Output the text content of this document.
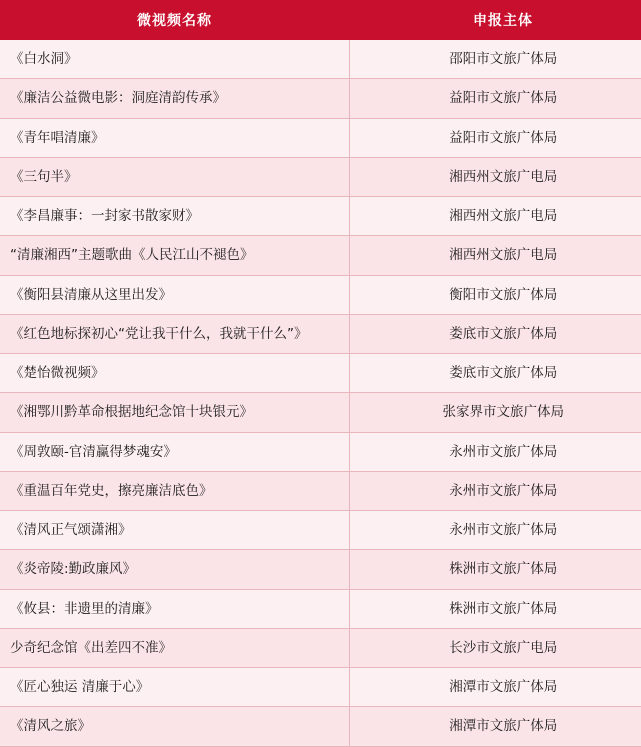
微视频名称	申报主体
《白水洞》	邵阳市文旅广体局
《廉洁公益微电影：洞庭清韵传承》	益阳市文旅广体局
《青年唱清廉》	益阳市文旅广体局
《三句半》	湘西州文旅广电局
《李昌廉事：一封家书散家财》	湘西州文旅广电局
“清廉湘西”主题歌曲《人民江山不褪色》	湘西州文旅广电局
《衡阳县清廉从这里出发》	衡阳市文旅广体局
《红色地标探初心“党让我干什么，我就干什么”》	娄底市文旅广体局
《楚怡微视频》	娄底市文旅广体局
《湘鄂川黔革命根据地纪念馆十块银元》	张家界市文旅广体局
《周敦颐-官清赢得梦魂安》	永州市文旅广体局
《重温百年党史，擦亮廉洁底色》	永州市文旅广体局
《清风正气颂潇湘》	永州市文旅广体局
《炎帝陵:勤政廉风》	株洲市文旅广体局
《攸县：非遗里的清廉》	株洲市文旅广体局
少奇纪念馆《出差四不准》	长沙市文旅广电局
《匠心独运 清廉于心》	湘潭市文旅广体局
《清风之旅》	湘潭市文旅广体局
